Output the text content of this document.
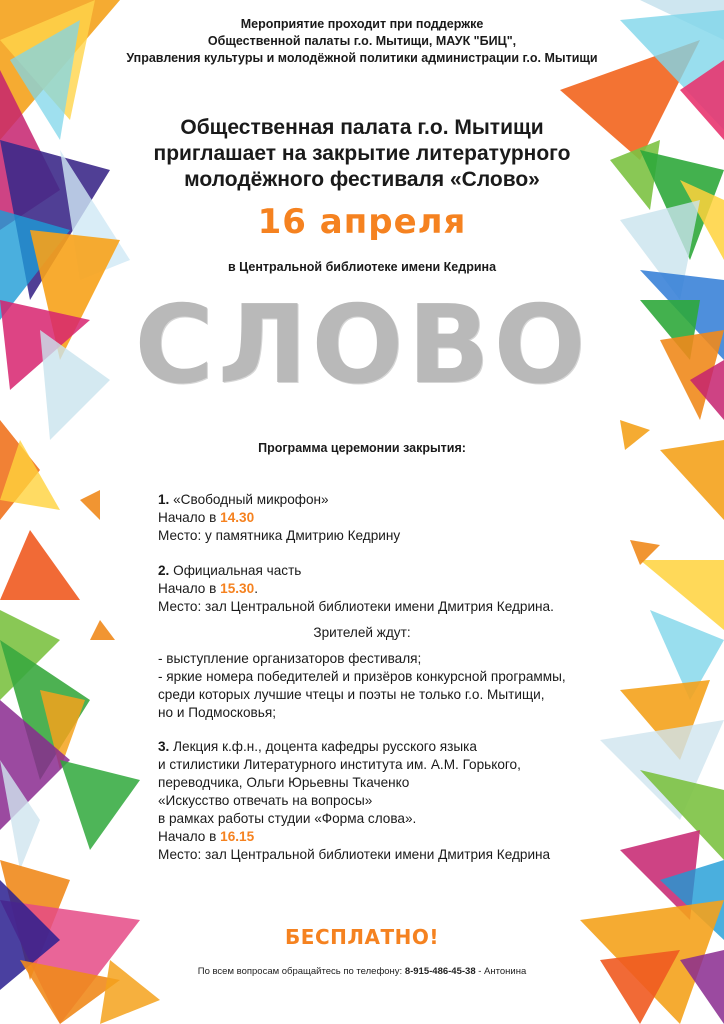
Мероприятие проходит при поддержке
Общественной палаты г.о. Мытищи, МАУК "БИЦ",
Управления культуры и молодёжной политики администрации г.о. Мытищи
Общественная палата г.о. Мытищи
приглашает на закрытие литературного
молодёжного фестиваля «Слово»
16 апреля
в Центральной библиотеке имени Кедрина
СЛОВО
Программа церемонии закрытия:
1. «Свободный микрофон»
Начало в 14.30
Место: у памятника Дмитрию Кедрину
2. Официальная часть
Начало в 15.30.
Место: зал Центральной библиотеки имени Дмитрия Кедрина.
Зрителей ждут:
- выступление организаторов фестиваля;
- яркие номера победителей и призёров конкурсной программы,
среди которых лучшие чтецы и поэты не только г.о. Мытищи,
но и Подмосковья;
3. Лекция к.ф.н., доцента кафедры русского языка
и стилистики Литературного института им. А.М. Горького,
переводчика, Ольги Юрьевны Ткаченко
«Искусство отвечать на вопросы»
в рамках работы студии «Форма слова».
Начало в 16.15
Место: зал Центральной библиотеки имени Дмитрия Кедрина
БЕСПЛАТНО!
По всем вопросам обращайтесь по телефону: 8-915-486-45-38 - Антонина
